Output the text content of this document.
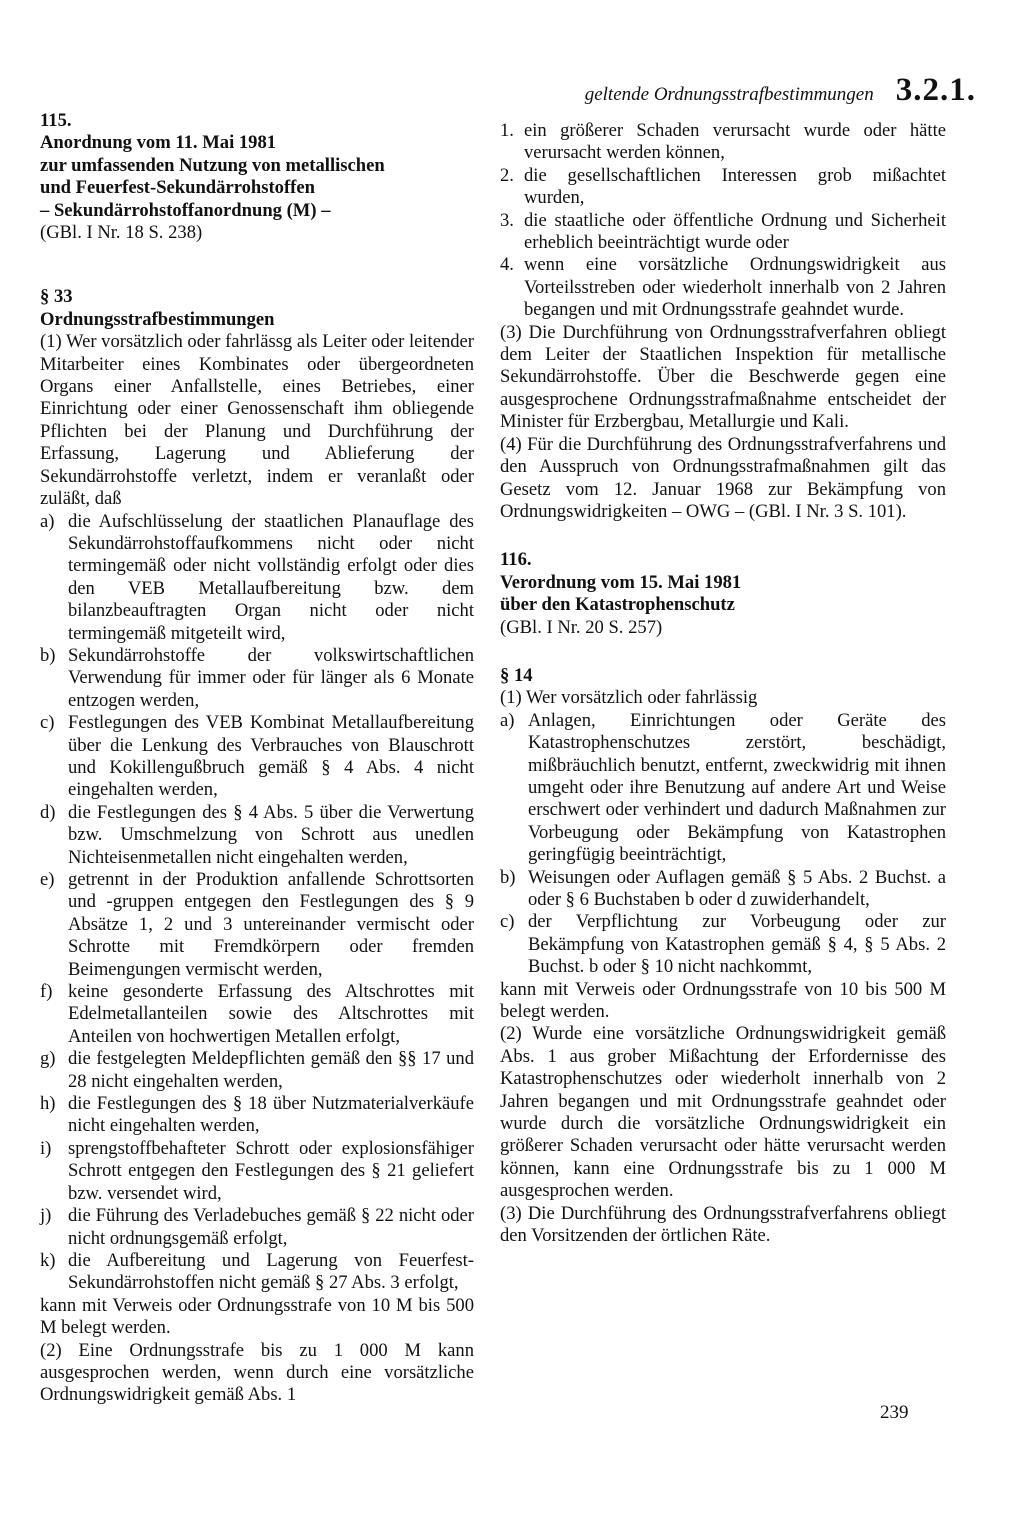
geltende Ordnungsstrafbestimmungen 3.2.1.
115.
Anordnung vom 11. Mai 1981
zur umfassenden Nutzung von metallischen
und Feuerfest-Sekundärrohstoffen
– Sekundärrohstoffanordnung (M) –
(GBl. I Nr. 18 S. 238)
§ 33
Ordnungsstrafbestimmungen
(1) Wer vorsätzlich oder fahrlässg als Leiter oder leitender Mitarbeiter eines Kombinates oder übergeordneten Organs einer Anfallstelle, eines Betriebes, einer Einrichtung oder einer Genossenschaft ihm obliegende Pflichten bei der Planung und Durchführung der Erfassung, Lagerung und Ablieferung der Sekundärrohstoffe verletzt, indem er veranlaßt oder zuläßt, daß
a) die Aufschlüsselung der staatlichen Planauflage des Sekundärrohstoffaufkommens nicht oder nicht termingemäß oder nicht vollständig erfolgt oder dies den VEB Metallaufbereitung bzw. dem bilanzbeauftragten Organ nicht oder nicht termingemäß mitgeteilt wird,
b) Sekundärrohstoffe der volkswirtschaftlichen Verwendung für immer oder für länger als 6 Monate entzogen werden,
c) Festlegungen des VEB Kombinat Metallaufbereitung über die Lenkung des Verbrauches von Blauschrott und Kokillengußbruch gemäß § 4 Abs. 4 nicht eingehalten werden,
d) die Festlegungen des § 4 Abs. 5 über die Verwertung bzw. Umschmelzung von Schrott aus unedlen Nichteisenmetallen nicht eingehalten werden,
e) getrennt in der Produktion anfallende Schrottsorten und -gruppen entgegen den Festlegungen des § 9 Absätze 1, 2 und 3 untereinander vermischt oder Schrotte mit Fremdkörpern oder fremden Beimengungen vermischt werden,
f) keine gesonderte Erfassung des Altschrottes mit Edelmetallanteilen sowie des Altschrottes mit Anteilen von hochwertigen Metallen erfolgt,
g) die festgelegten Meldepflichten gemäß den §§ 17 und 28 nicht eingehalten werden,
h) die Festlegungen des § 18 über Nutzmaterialverkäufe nicht eingehalten werden,
i) sprengstoffbehafteter Schrott oder explosionsfähiger Schrott entgegen den Festlegungen des § 21 geliefert bzw. versendet wird,
j) die Führung des Verladebuches gemäß § 22 nicht oder nicht ordnungsgemäß erfolgt,
k) die Aufbereitung und Lagerung von Feuerfest-Sekundärrohstoffen nicht gemäß § 27 Abs. 3 erfolgt,
kann mit Verweis oder Ordnungsstrafe von 10 M bis 500 M belegt werden.
(2) Eine Ordnungsstrafe bis zu 1 000 M kann ausgesprochen werden, wenn durch eine vorsätzliche Ordnungswidrigkeit gemäß Abs. 1
1. ein größerer Schaden verursacht wurde oder hätte verursacht werden können,
2. die gesellschaftlichen Interessen grob mißachtet wurden,
3. die staatliche oder öffentliche Ordnung und Sicherheit erheblich beeinträchtigt wurde oder
4. wenn eine vorsätzliche Ordnungswidrigkeit aus Vorteilsstreben oder wiederholt innerhalb von 2 Jahren begangen und mit Ordnungsstrafe geahndet wurde.
(3) Die Durchführung von Ordnungsstrafverfahren obliegt dem Leiter der Staatlichen Inspektion für metallische Sekundärrohstoffe. Über die Beschwerde gegen eine ausgesprochene Ordnungsstrafmaßnahme entscheidet der Minister für Erzbergbau, Metallurgie und Kali.
(4) Für die Durchführung des Ordnungsstrafverfahrens und den Ausspruch von Ordnungsstrafmaßnahmen gilt das Gesetz vom 12. Januar 1968 zur Bekämpfung von Ordnungswidrigkeiten – OWG – (GBl. I Nr. 3 S. 101).
116.
Verordnung vom 15. Mai 1981
über den Katastrophenschutz
(GBl. I Nr. 20 S. 257)
§ 14
(1) Wer vorsätzlich oder fahrlässig
a) Anlagen, Einrichtungen oder Geräte des Katastrophenschutzes zerstört, beschädigt, mißbräuchlich benutzt, entfernt, zweckwidrig mit ihnen umgeht oder ihre Benutzung auf andere Art und Weise erschwert oder verhindert und dadurch Maßnahmen zur Vorbeugung oder Bekämpfung von Katastrophen geringfügig beeinträchtigt,
b) Weisungen oder Auflagen gemäß § 5 Abs. 2 Buchst. a oder § 6 Buchstaben b oder d zuwiderhandelt,
c) der Verpflichtung zur Vorbeugung oder zur Bekämpfung von Katastrophen gemäß § 4, § 5 Abs. 2 Buchst. b oder § 10 nicht nachkommt,
kann mit Verweis oder Ordnungsstrafe von 10 bis 500 M belegt werden.
(2) Wurde eine vorsätzliche Ordnungswidrigkeit gemäß Abs. 1 aus grober Mißachtung der Erfordernisse des Katastrophenschutzes oder wiederholt innerhalb von 2 Jahren begangen und mit Ordnungsstrafe geahndet oder wurde durch die vorsätzliche Ordnungswidrigkeit ein größerer Schaden verursacht oder hätte verursacht werden können, kann eine Ordnungsstrafe bis zu 1 000 M ausgesprochen werden.
(3) Die Durchführung des Ordnungsstrafverfahrens obliegt den Vorsitzenden der örtlichen Räte.
239
